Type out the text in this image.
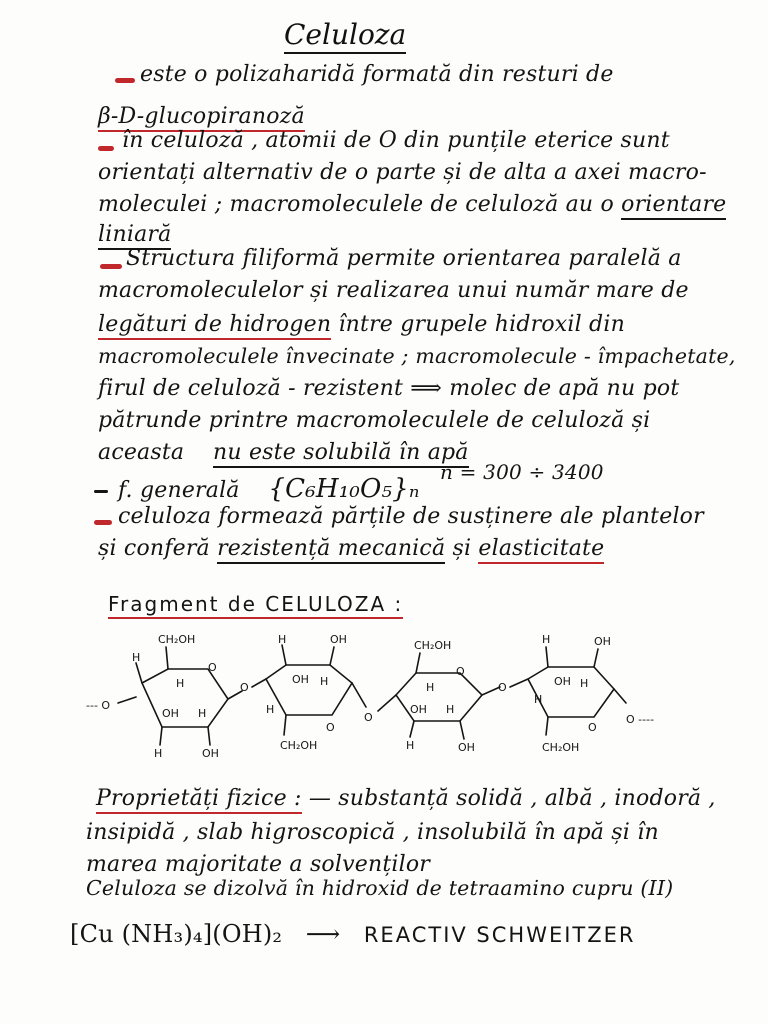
Celuloza
este o polizaharidă formată din resturi de
β-D-glucopiranoză
în celuloză , atomii de O din punțile eterice sunt
orientați alternativ de o parte și de alta a axei macro-
moleculei ; macromoleculele de celuloză au o orientare
liniară
Structura filiformă permite orientarea paralelă a
macromoleculelor și realizarea unui număr mare de
legături de hidrogen între grupele hidroxil din
macromoleculele învecinate ; macromolecule - împachetate,
firul de celuloză - rezistent ⟹ molec de apă nu pot
pătrunde printre macromoleculele de celuloză și
aceasta nu este solubilă în apă
f. generală {C₆H₁₀O₅}ₙ
n = 300 ÷ 3400
celuloza formează părțile de susținere ale plantelor
și conferă rezistență mecanică și elasticitate
Fragment de CELULOZA :
--- O
O
CH₂OH
H
H
OH
H	OH
H
O
O
H
OH
OH
H
CH₂OH
H
O
O
CH₂OH
H
OH
H	OH
H
O
O
H
OH
OH
H
CH₂OH
H
O ----
Proprietăți fizice : — substanță solidă , albă , inodoră ,
insipidă , slab higroscopică , insolubilă în apă și în
marea majoritate a solvenților
Celuloza se dizolvă în hidroxid de tetraamino cupru (II)
[Cu (NH₃)₄](OH)₂ ⟶ REACTIV SCHWEITZER
